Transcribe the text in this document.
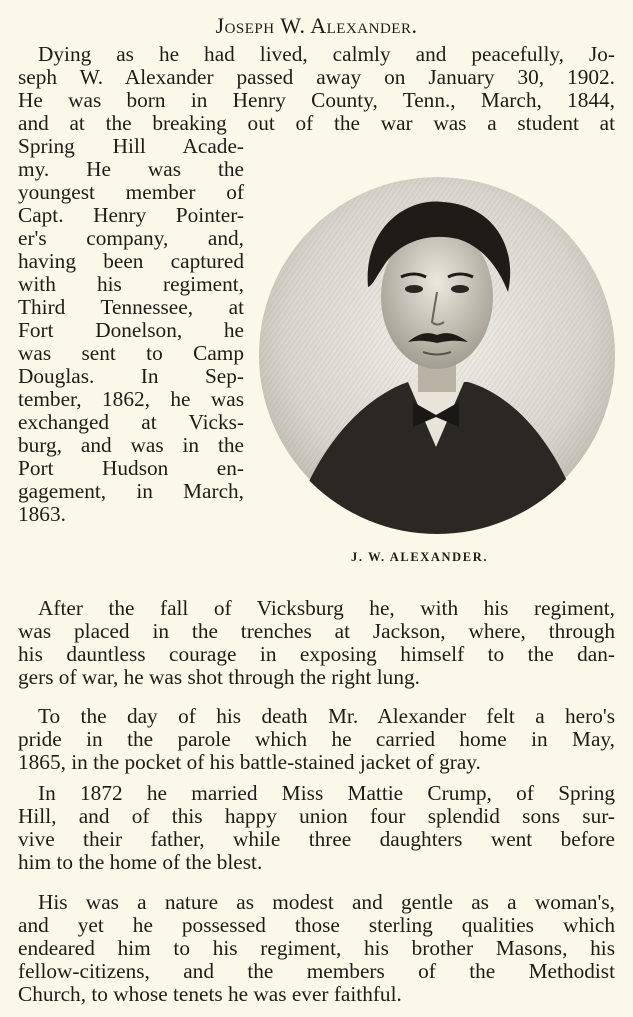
Joseph W. Alexander.
Dying as he had lived, calmly and peacefully, Jo-
seph W. Alexander passed away on January 30, 1902.
He was born in Henry County, Tenn., March, 1844,
and at the breaking out of the war was a student at
Spring Hill Acade-
my. He was the
youngest member of
Capt. Henry Pointer-
er's company, and,
having been captured
with his regiment,
Third Tennessee, at
Fort Donelson, he
was sent to Camp
Douglas. In Sep-
tember, 1862, he was
exchanged at Vicks-
burg, and was in the
Port Hudson en-
gagement, in March,
1863.
J. W. ALEXANDER.
After the fall of Vicksburg he, with his regiment,
was placed in the trenches at Jackson, where, through
his dauntless courage in exposing himself to the dan-
gers of war, he was shot through the right lung.
To the day of his death Mr. Alexander felt a hero's
pride in the parole which he carried home in May,
1865, in the pocket of his battle-stained jacket of gray.
In 1872 he married Miss Mattie Crump, of Spring
Hill, and of this happy union four splendid sons sur-
vive their father, while three daughters went before
him to the home of the blest.
His was a nature as modest and gentle as a woman's,
and yet he possessed those sterling qualities which
endeared him to his regiment, his brother Masons, his
fellow-citizens, and the members of the Methodist
Church, to whose tenets he was ever faithful.
